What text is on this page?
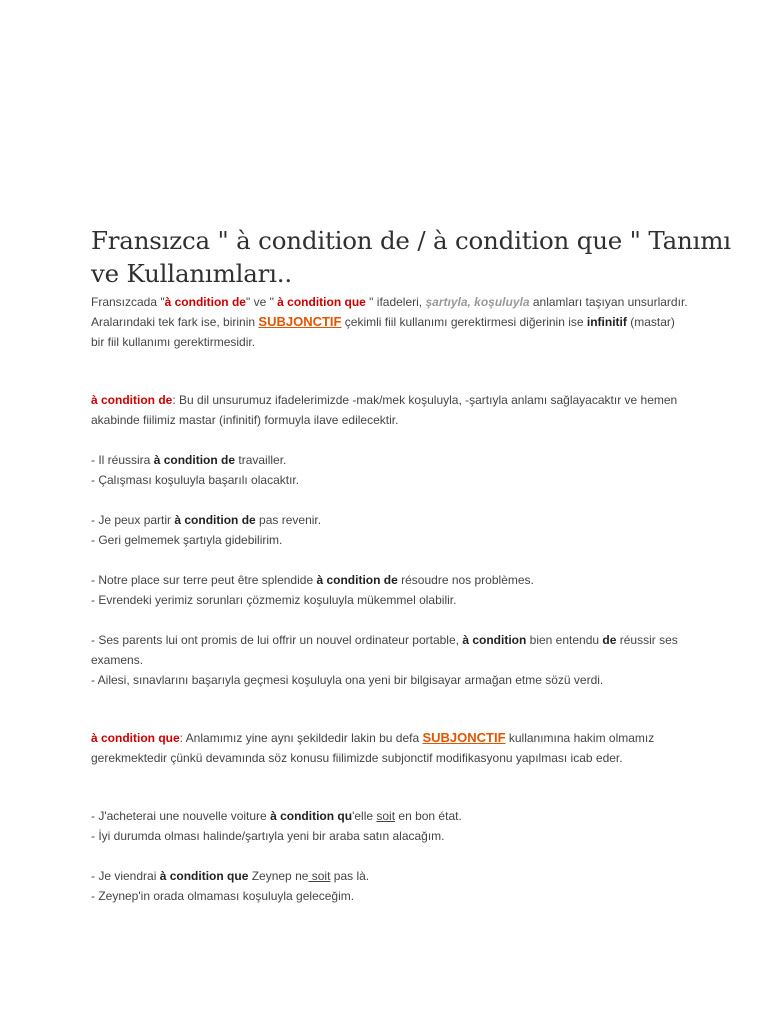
Fransızca " à condition de / à condition que " Tanımı ve Kullanımları..

Fransızcada "à condition de" ve " à condition que " ifadeleri, şartıyla, koşuluyla anlamları taşıyan unsurlardır. Aralarındaki tek fark ise, birinin SUBJONCTIF çekimli fiil kullanımı gerektirmesi diğerinin ise infinitif (mastar) bir fiil kullanımı gerektirmesidir.

à condition de: Bu dil unsurumuz ifadelerimizde -mak/mek koşuluyla, -şartıyla anlamı sağlayacaktır ve hemen akabinde fiilimiz mastar (infinitif) formuyla ilave edilecektir.

- Il réussira à condition de travailler.

- Çalışması koşuluyla başarılı olacaktır.

- Je peux partir à condition de pas revenir.

- Geri gelmemek şartıyla gidebilirim.

- Notre place sur terre peut être splendide à condition de résoudre nos problèmes.

- Evrendeki yerimiz sorunları çözmemiz koşuluyla mükemmel olabilir.

- Ses parents lui ont promis de lui offrir un nouvel ordinateur portable, à condition bien entendu de réussir ses examens.

- Ailesi, sınavlarını başarıyla geçmesi koşuluyla ona yeni bir bilgisayar armağan etme sözü verdi.

à condition que: Anlamımız yine aynı şekildedir lakin bu defa SUBJONCTIF kullanımına hakim olmamız gerekmektedir çünkü devamında söz konusu fiilimizde subjonctif modifikasyonu yapılması icab eder.

- J'acheterai une nouvelle voiture à condition qu'elle soit en bon état.

- İyi durumda olması halinde/şartıyla yeni bir araba satın alacağım.

- Je viendrai à condition que Zeynep ne soit pas là.

- Zeynep'in orada olmaması koşuluyla geleceğim.
